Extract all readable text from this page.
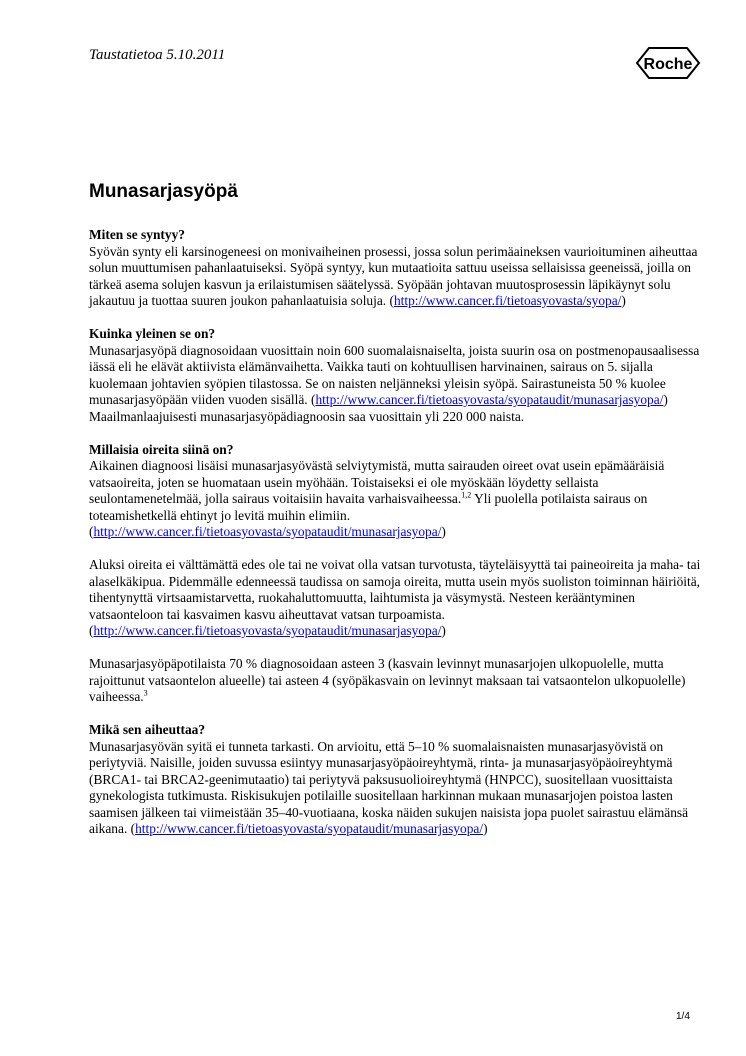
Taustatietoa 5.10.2011
Roche
Munasarjasyöpä
Miten se syntyy?

Syövän synty eli karsinogeneesi on monivaiheinen prosessi, jossa solun perimäaineksen vaurioituminen aiheuttaa solun muuttumisen pahanlaatuiseksi. Syöpä syntyy, kun mutaatioita sattuu useissa sellaisissa geeneissä, joilla on tärkeä asema solujen kasvun ja erilaistumisen säätelyssä. Syöpään johtavan muutosprosessin läpikäynyt solu jakautuu ja tuottaa suuren joukon pahanlaatuisia soluja. (http://www.cancer.fi/tietoasyovasta/syopa/)

Kuinka yleinen se on?

Munasarjasyöpä diagnosoidaan vuosittain noin 600 suomalaisnaiselta, joista suurin osa on postmenopausaalisessa iässä eli he elävät aktiivista elämänvaihetta. Vaikka tauti on kohtuullisen harvinainen, sairaus on 5. sijalla kuolemaan johtavien syöpien tilastossa. Se on naisten neljänneksi yleisin syöpä. Sairastuneista 50 % kuolee munasarjasyöpään viiden vuoden sisällä. (http://www.cancer.fi/tietoasyovasta/syopataudit/munasarjasyopa/) Maailmanlaajuisesti munasarjasyöpädiagnoosin saa vuosittain yli 220 000 naista.

Millaisia oireita siinä on?

Aikainen diagnoosi lisäisi munasarjasyövästä selviytymistä, mutta sairauden oireet ovat usein epämääräisiä vatsaoireita, joten se huomataan usein myöhään. Toistaiseksi ei ole myöskään löydetty sellaista seulontamenetelmää, jolla sairaus voitaisiin havaita varhaisvaiheessa.$^{1,2}$ Yli puolella potilaista sairaus on toteamishetkellä ehtinyt jo levitä muihin elimiin. (http://www.cancer.fi/tietoasyovasta/syopataudit/munasarjasyopa/)

Aluksi oireita ei välttämättä edes ole tai ne voivat olla vatsan turvotusta, täyteläisyyttä tai paineoireita ja maha- tai alaselkäkipua. Pidemmälle edenneessä taudissa on samoja oireita, mutta usein myös suoliston toiminnan häiriöitä, tihentynyttä virtsaamistarvetta, ruokahaluttomuutta, laihtumista ja väsymystä. Nesteen kerääntyminen vatsaonteloon tai kasvaimen kasvu aiheuttavat vatsan turpoamista. (http://www.cancer.fi/tietoasyovasta/syopataudit/munasarjasyopa/)

Munasarjasyöpäpotilaista 70 % diagnosoidaan asteen 3 (kasvain levinnyt munasarjojen ulkopuolelle, mutta rajoittunut vatsaontelon alueelle) tai asteen 4 (syöpäkasvain on levinnyt maksaan tai vatsaontelon ulkopuolelle) vaiheessa.$^3$

Mikä sen aiheuttaa?

Munasarjasyövän syitä ei tunneta tarkasti. On arvioitu, että 5–10 % suomalaisnaisten munasarjasyövistä on periytyviä. Naisille, joiden suvussa esiintyy munasarjasyöpäoireyhtymä, rinta- ja munasarjasyöpäoireyhtymä (BRCA1- tai BRCA2-geenimutaatio) tai periytyvä paksusuolioireyhtymä (HNPCC), suositellaan vuosittaista gynekologista tutkimusta. Riskisukujen potilaille suositellaan harkinnan mukaan munasarjojen poistoa lasten saamisen jälkeen tai viimeistään 35–40-vuotiaana, koska näiden sukujen naisista jopa puolet sairastuu elämänsä aikana. (http://www.cancer.fi/tietoasyovasta/syopataudit/munasarjasyopa/)

1/4
